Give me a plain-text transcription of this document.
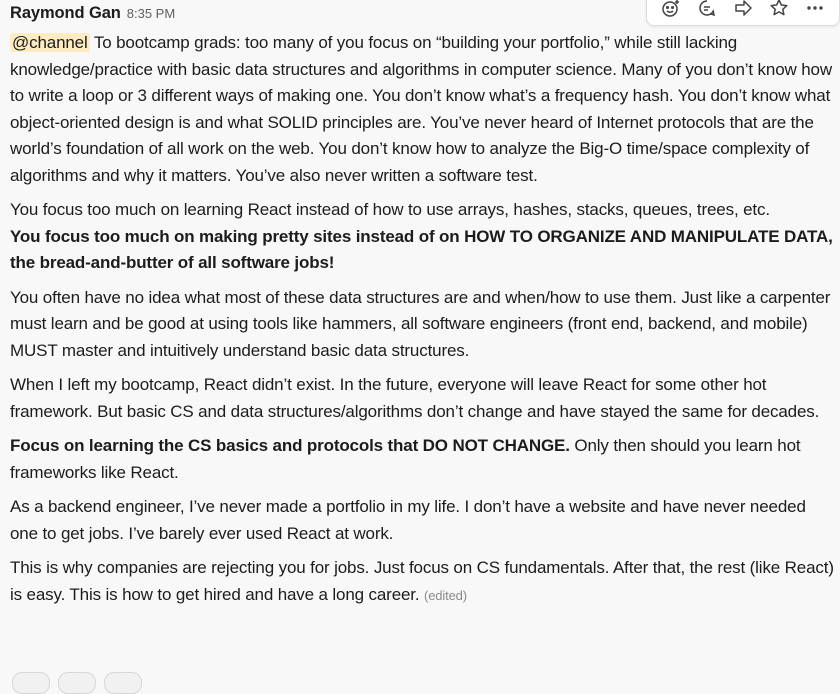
Raymond Gan 8:35 PM

@channel To bootcamp grads: too many of you focus on “building your portfolio,” while still lacking knowledge/practice with basic data structures and algorithms in computer science. Many of you don’t know how to write a loop or 3 different ways of making one. You don’t know what’s a frequency hash. You don’t know what object-oriented design is and what SOLID principles are. You’ve never heard of Internet protocols that are the world’s foundation of all work on the web. You don’t know how to analyze the Big-O time/space complexity of algorithms and why it matters. You’ve also never written a software test.

You focus too much on learning React instead of how to use arrays, hashes, stacks, queues, trees, etc.
You focus too much on making pretty sites instead of on HOW TO ORGANIZE AND MANIPULATE DATA, the bread-and-butter of all software jobs!

You often have no idea what most of these data structures are and when/how to use them. Just like a carpenter must learn and be good at using tools like hammers, all software engineers (front end, backend, and mobile) MUST master and intuitively understand basic data structures.

When I left my bootcamp, React didn’t exist. In the future, everyone will leave React for some other hot framework. But basic CS and data structures/algorithms don’t change and have stayed the same for decades.

Focus on learning the CS basics and protocols that DO NOT CHANGE. Only then should you learn hot frameworks like React.

As a backend engineer, I’ve never made a portfolio in my life. I don’t have a website and have never needed one to get jobs. I’ve barely ever used React at work.

This is why companies are rejecting you for jobs. Just focus on CS fundamentals. After that, the rest (like React) is easy. This is how to get hired and have a long career. (edited)
